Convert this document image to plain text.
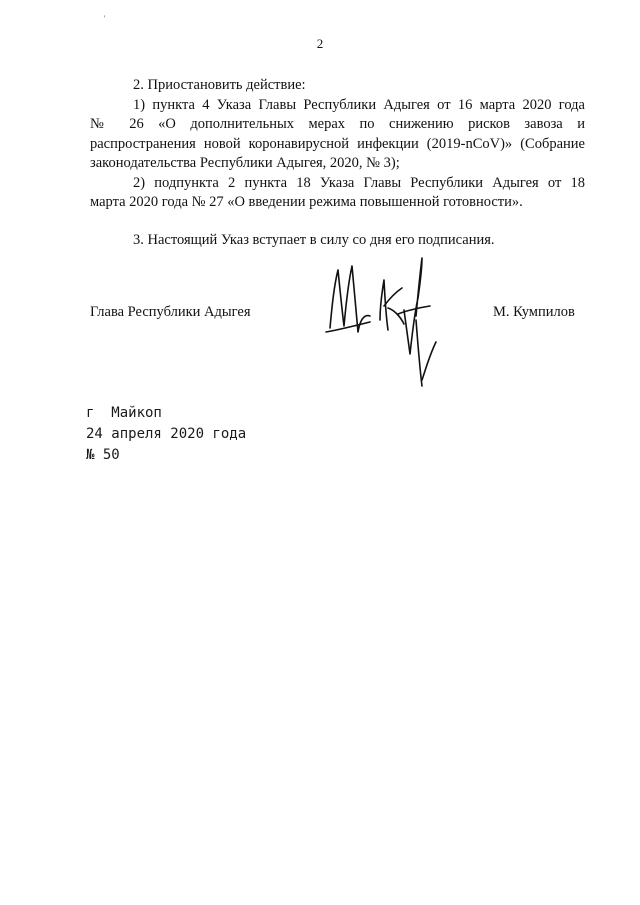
'
2

2. Приостановить действие:

1) пункта 4 Указа Главы Республики Адыгея от 16 марта 2020 года

№ 26 «О дополнительных мерах по снижению рисков завоза и

распространения новой коронавирусной инфекции (2019-nCoV)» (Собрание

законодательства Республики Адыгея, 2020, № 3);

2) подпункта 2 пункта 18 Указа Главы Республики Адыгея от 18

марта 2020 года № 27 «О введении режима повышенной готовности».

3. Настоящий Указ вступает в силу со дня его подписания.

Глава Республики Адыгея	М. Кумпилов
г  Майкоп
24 апреля 2020 года
№ 50
